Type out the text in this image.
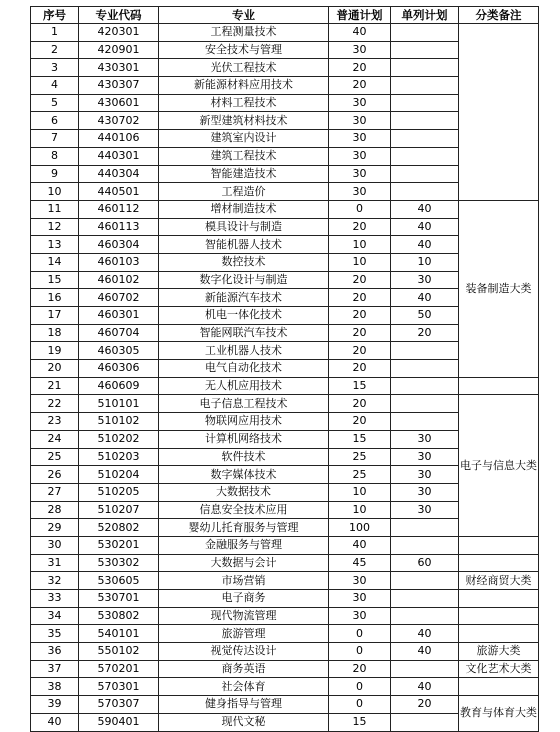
序号	专业代码	专业	普通计划	单列计划	分类备注
1	420301	工程测量技术	40		
2	420901	安全技术与管理	30		
3	430301	光伏工程技术	20		
4	430307	新能源材料应用技术	20		
5	430601	材料工程技术	30		
6	430702	新型建筑材料技术	30		
7	440106	建筑室内设计	30		
8	440301	建筑工程技术	30		
9	440304	智能建造技术	30		
10	440501	工程造价	30		
11	460112	增材制造技术	0	40	装备制造大类
12	460113	模具设计与制造	20	40	
13	460304	智能机器人技术	10	40	
14	460103	数控技术	10	10	
15	460102	数字化设计与制造	20	30	
16	460702	新能源汽车技术	20	40	
17	460301	机电一体化技术	20	50	
18	460704	智能网联汽车技术	20	20	
19	460305	工业机器人技术	20		
20	460306	电气自动化技术	20		
21	460609	无人机应用技术	15		
22	510101	电子信息工程技术	20		电子与信息大类
23	510102	物联网应用技术	20		
24	510202	计算机网络技术	15	30	
25	510203	软件技术	25	30	
26	510204	数字媒体技术	25	30	
27	510205	大数据技术	10	30	
28	510207	信息安全技术应用	10	30	
29	520802	婴幼儿托育服务与管理	100		
30	530201	金融服务与管理	40		
31	530302	大数据与会计	45	60	
32	530605	市场营销	30		财经商贸大类
33	530701	电子商务	30		
34	530802	现代物流管理	30		
35	540101	旅游管理	0	40	
36	550102	视觉传达设计	0	40	旅游大类
37	570201	商务英语	20		文化艺术大类
38	570301	社会体育	0	40	
39	570307	健身指导与管理	0	20	教育与体育大类
40	590401	现代文秘	15		
